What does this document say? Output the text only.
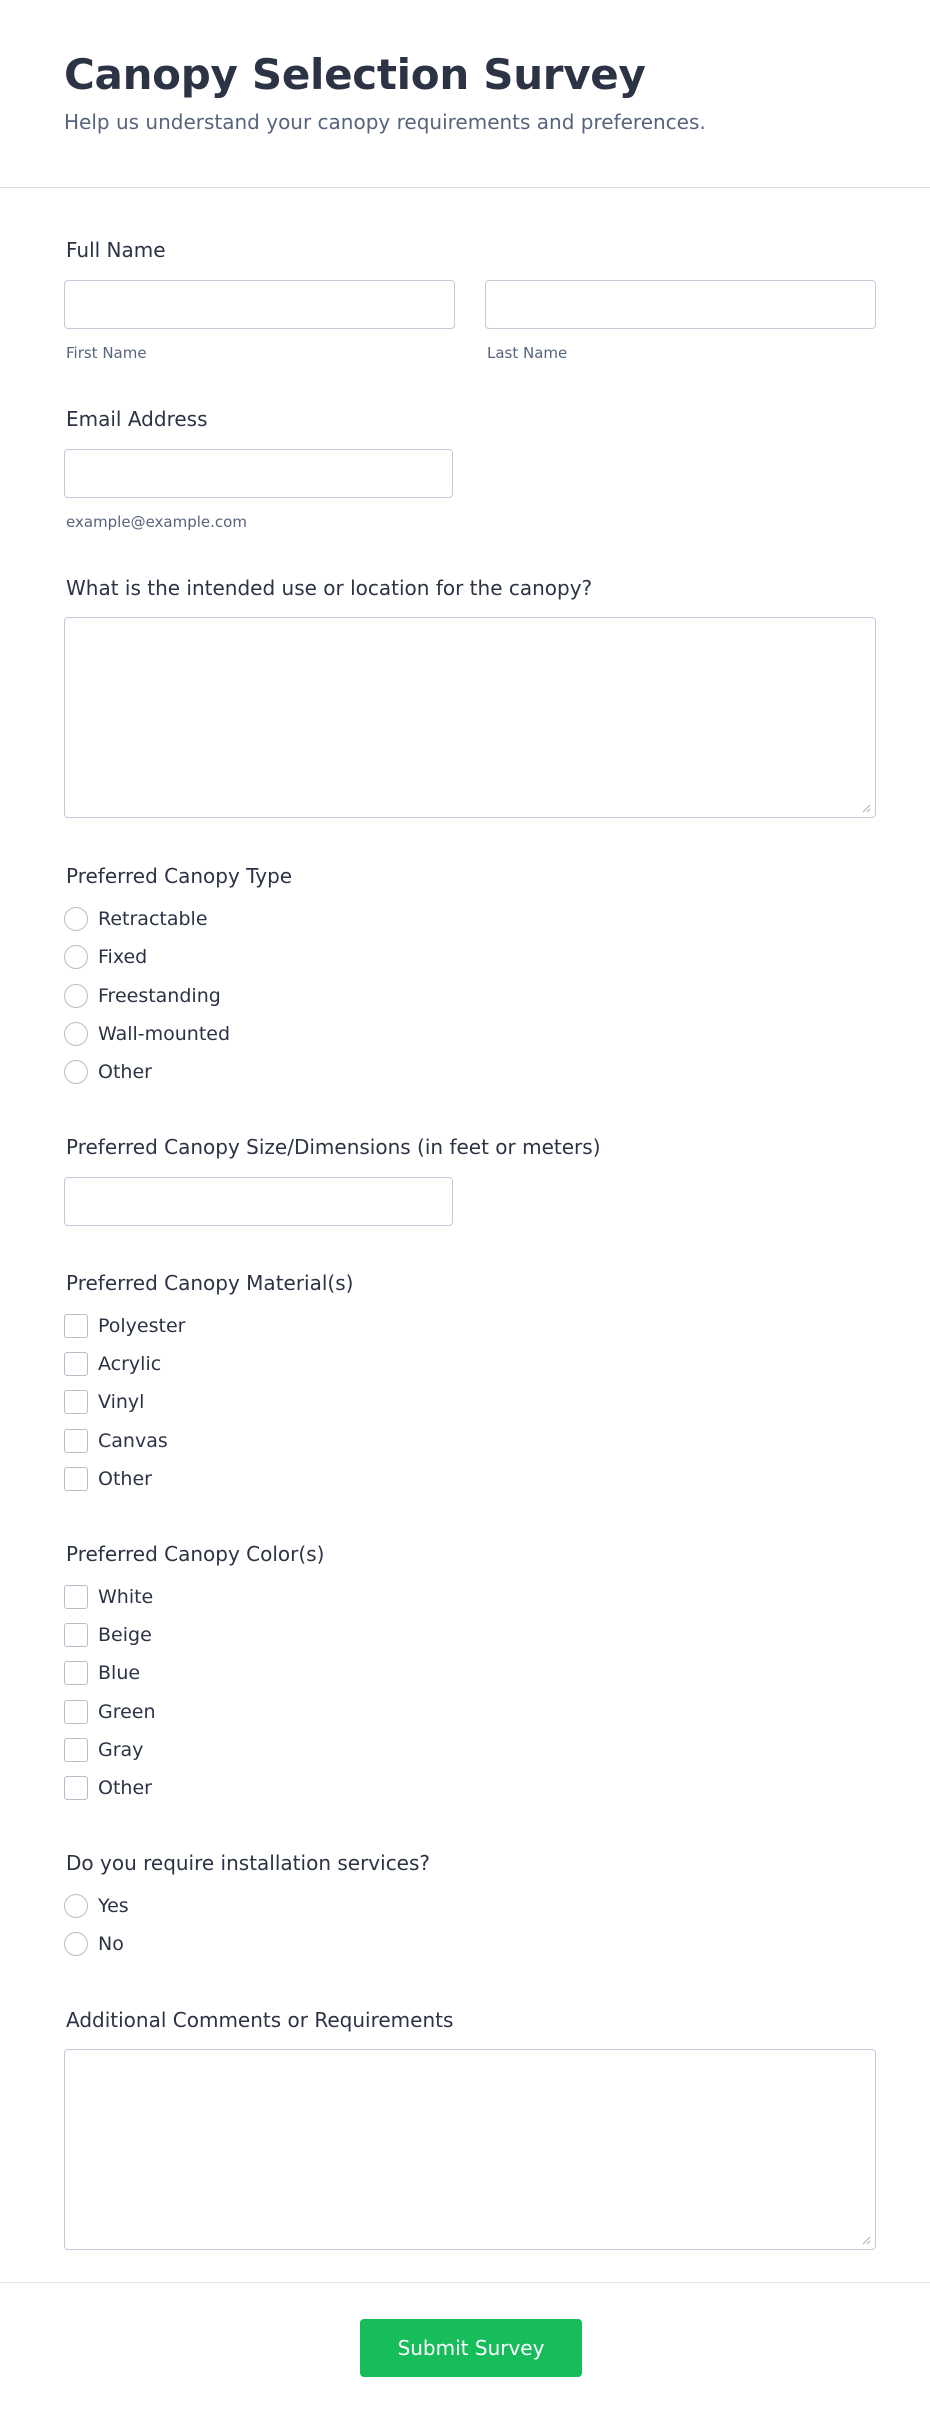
Canopy Selection Survey

Help us understand your canopy requirements and preferences.

Full Name
First Name	Last Name
Email Address
example@example.com
What is the intended use or location for the canopy?
Preferred Canopy Type
Retractable
Fixed
Freestanding
Wall-mounted
Other
Preferred Canopy Size/Dimensions (in feet or meters)
Preferred Canopy Material(s)
Polyester
Acrylic
Vinyl
Canvas
Other
Preferred Canopy Color(s)
White
Beige
Blue
Green
Gray
Other
Do you require installation services?
Yes
No
Additional Comments or Requirements
Submit Survey
